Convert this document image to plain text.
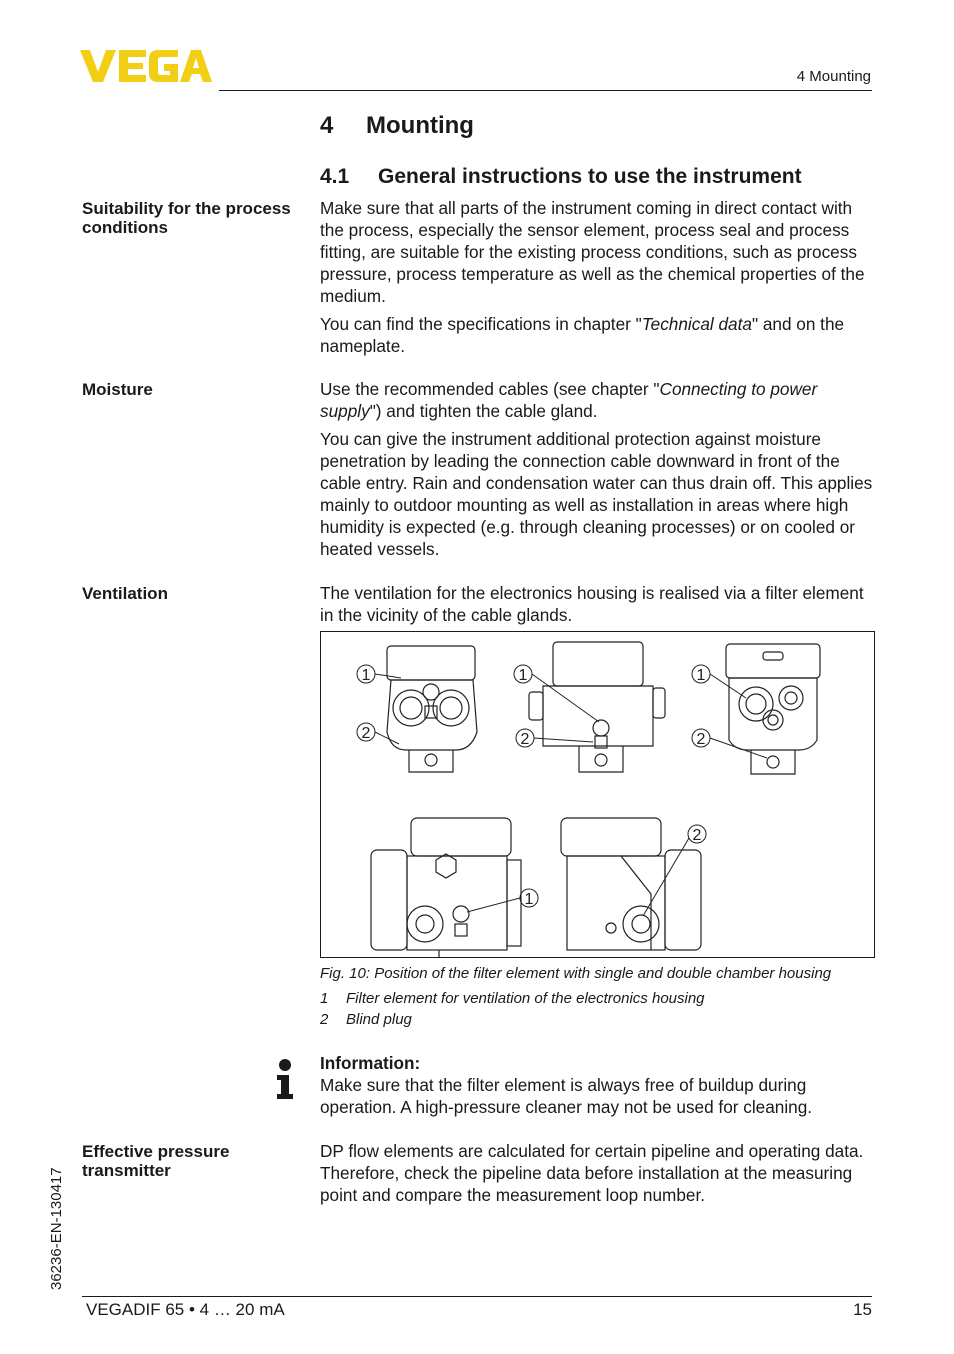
4 Mounting
4 Mounting
4.1 General instructions to use the instrument
Suitability for the process conditions

Make sure that all parts of the instrument coming in direct contact with the process, especially the sensor element, process seal and process fitting, are suitable for the existing process conditions, such as process pressure, process temperature as well as the chemical properties of the medium.

You can find the specifications in chapter "Technical data" and on the nameplate.

Moisture	Use the recommended cables (see chapter "Connecting to power supply") and tighten the cable gland.

You can give the instrument additional protection against moisture penetration by leading the connection cable downward in front of the cable entry. Rain and condensation water can thus drain off. This applies mainly to outdoor mounting as well as installation in areas where high humidity is expected (e.g. through cleaning processes) or on cooled or heated vessels.

Ventilation	The ventilation for the electronics housing is realised via a filter element in the vicinity of the cable glands.

1
2
1
2
1
2
2
1
Fig. 10: Position of the filter element with single and double chamber housing
1 Filter element for ventilation of the electronics housing
2 Blind plug

Information:

Make sure that the filter element is always free of buildup during operation. A high-pressure cleaner may not be used for cleaning.

Effective pressure transmitter

DP flow elements are calculated for certain pipeline and operating data. Therefore, check the pipeline data before installation at the measuring point and compare the measurement loop number.

36236-EN-130417
VEGADIF 65 • 4 … 20 mA	15
